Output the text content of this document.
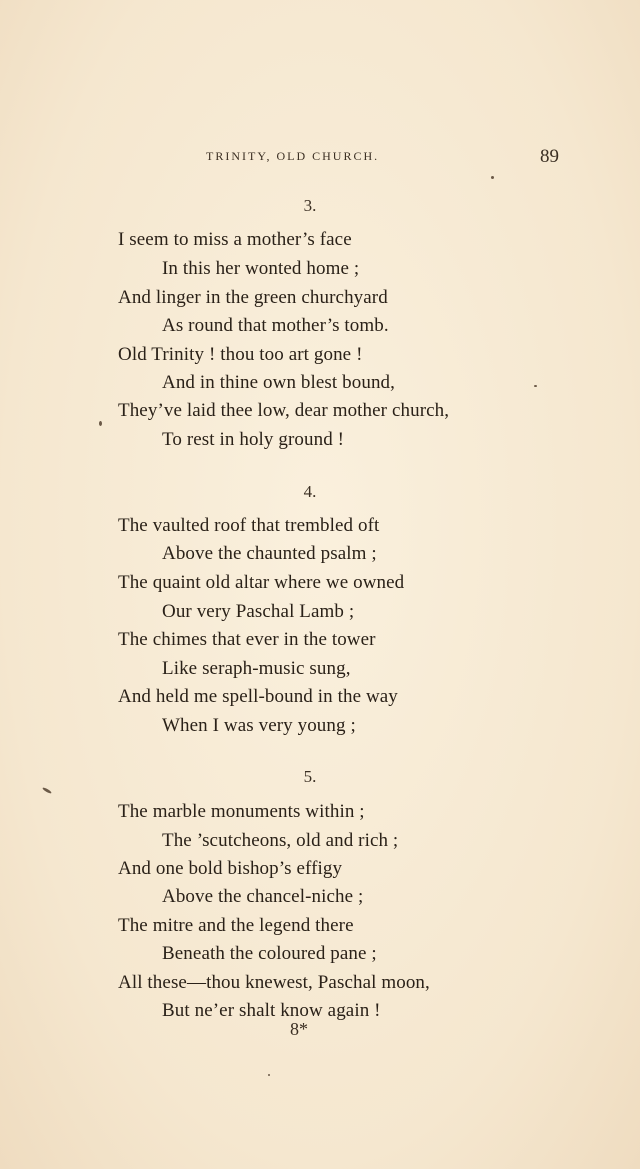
TRINITY, OLD CHURCH.	89
3.
I seem to miss a mother’s face
In this her wonted home ;
And linger in the green churchyard
As round that mother’s tomb.
Old Trinity ! thou too art gone !
And in thine own blest bound,
They’ve laid thee low, dear mother church,
To rest in holy ground !
4.
The vaulted roof that trembled oft
Above the chaunted psalm ;
The quaint old altar where we owned
Our very Paschal Lamb ;
The chimes that ever in the tower
Like seraph-music sung,
And held me spell-bound in the way
When I was very young ;
5.
The marble monuments within ;
The ’scutcheons, old and rich ;
And one bold bishop’s effigy
Above the chancel-niche ;
The mitre and the legend there
Beneath the coloured pane ;
All these—thou knewest, Paschal moon,
But ne’er shalt know again !
8*
